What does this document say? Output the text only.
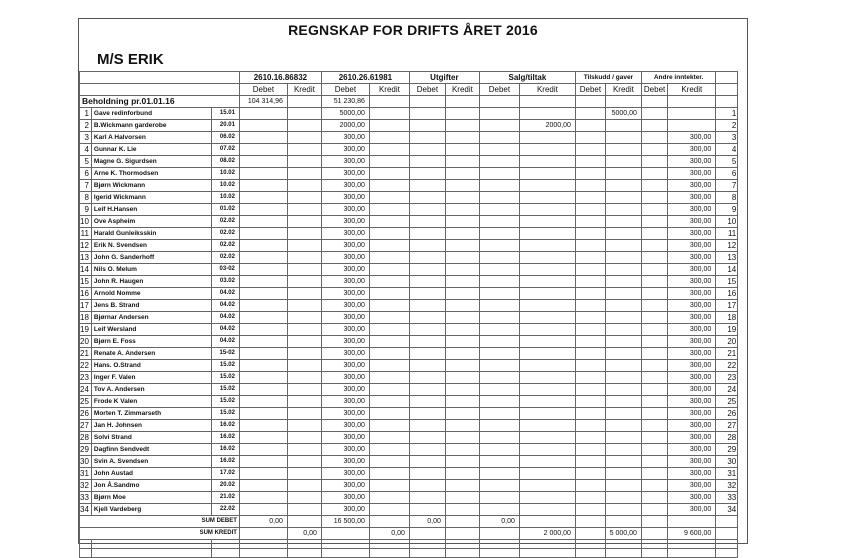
REGNSKAP FOR DRIFTS ÅRET 2016
M/S ERIK
			2610.16.86832		2610.26.61981		Utgifter		Salg/tiltak		Tilskudd / gaver		Andre inntekter.		
			Debet	Kredit	Debet	Kredit	Debet	Kredit	Debet	Kredit	Debet	Kredit	Debet	Kredit	
Beholdning pr.01.01.16			104 314,96		51 230,86										
1	Gave redinforbund	15.01			5000,00							5000,00			1
2	B.Wickmann garderobe	20.01			2000,00					2000,00					2
3	Karl A Halvorsen	06.02			300,00									300,00	3
4	Gunnar K. Lie	07.02			300,00									300,00	4
5	Magne G. Sigurdsen	08.02			300,00									300,00	5
6	Arne K. Thormodsen	10.02			300,00									300,00	6
7	Bjørn Wickmann	10.02			300,00									300,00	7
8	Igerid Wickmann	10.02			300,00									300,00	8
9	Leif H.Hansen	01.02			300,00									300,00	9
10	Ove Aspheim	02.02			300,00									300,00	10
11	Harald Gunleiksskin	02.02			300,00									300,00	11
12	Erik N. Svendsen	02.02			300,00									300,00	12
13	John G. Sanderhoff	02.02			300,00									300,00	13
14	Nils O. Melum	03-02			300,00									300,00	14
15	John R. Haugen	03.02			300,00									300,00	15
16	Arnold Nomme	04.02			300,00									300,00	16
17	Jens B. Strand	04.02			300,00									300,00	17
18	Bjørnar Andersen	04.02			300,00									300,00	18
19	Leif Wersland	04.02			300,00									300,00	19
20	Bjørn E. Foss	04.02			300,00									300,00	20
21	Renate A. Andersen	15-02			300,00									300,00	21
22	Hans. O.Strand	15.02			300,00									300,00	22
23	Inger F. Valen	15.02			300,00									300,00	23
24	Tov A. Andersen	15.02			300,00									300,00	24
25	Frode K Valen	15.02			300,00									300,00	25
26	Morten T. Zimmarseth	15.02			300,00									300,00	26
27	Jan H. Johnsen	16.02			300,00									300,00	27
28	Solvi Strand	16.02			300,00									300,00	28
29	Dagfinn Sendvedt	16.02			300,00									300,00	29
30	Svin A. Svendsen	16.02			300,00									300,00	30
31	John Austad	17.02			300,00									300,00	31
32	Jon Å.Sandmo	20.02			300,00									300,00	32
33	Bjørn Moe	21.02			300,00									300,00	33
34	Kjell Vardeberg	22.02			300,00									300,00	34
SUM DEBET			0,00		16 500,00		0,00		0,00						
SUM KREDIT				0,00		0,00				2 000,00		5 000,00		9 600,00	
